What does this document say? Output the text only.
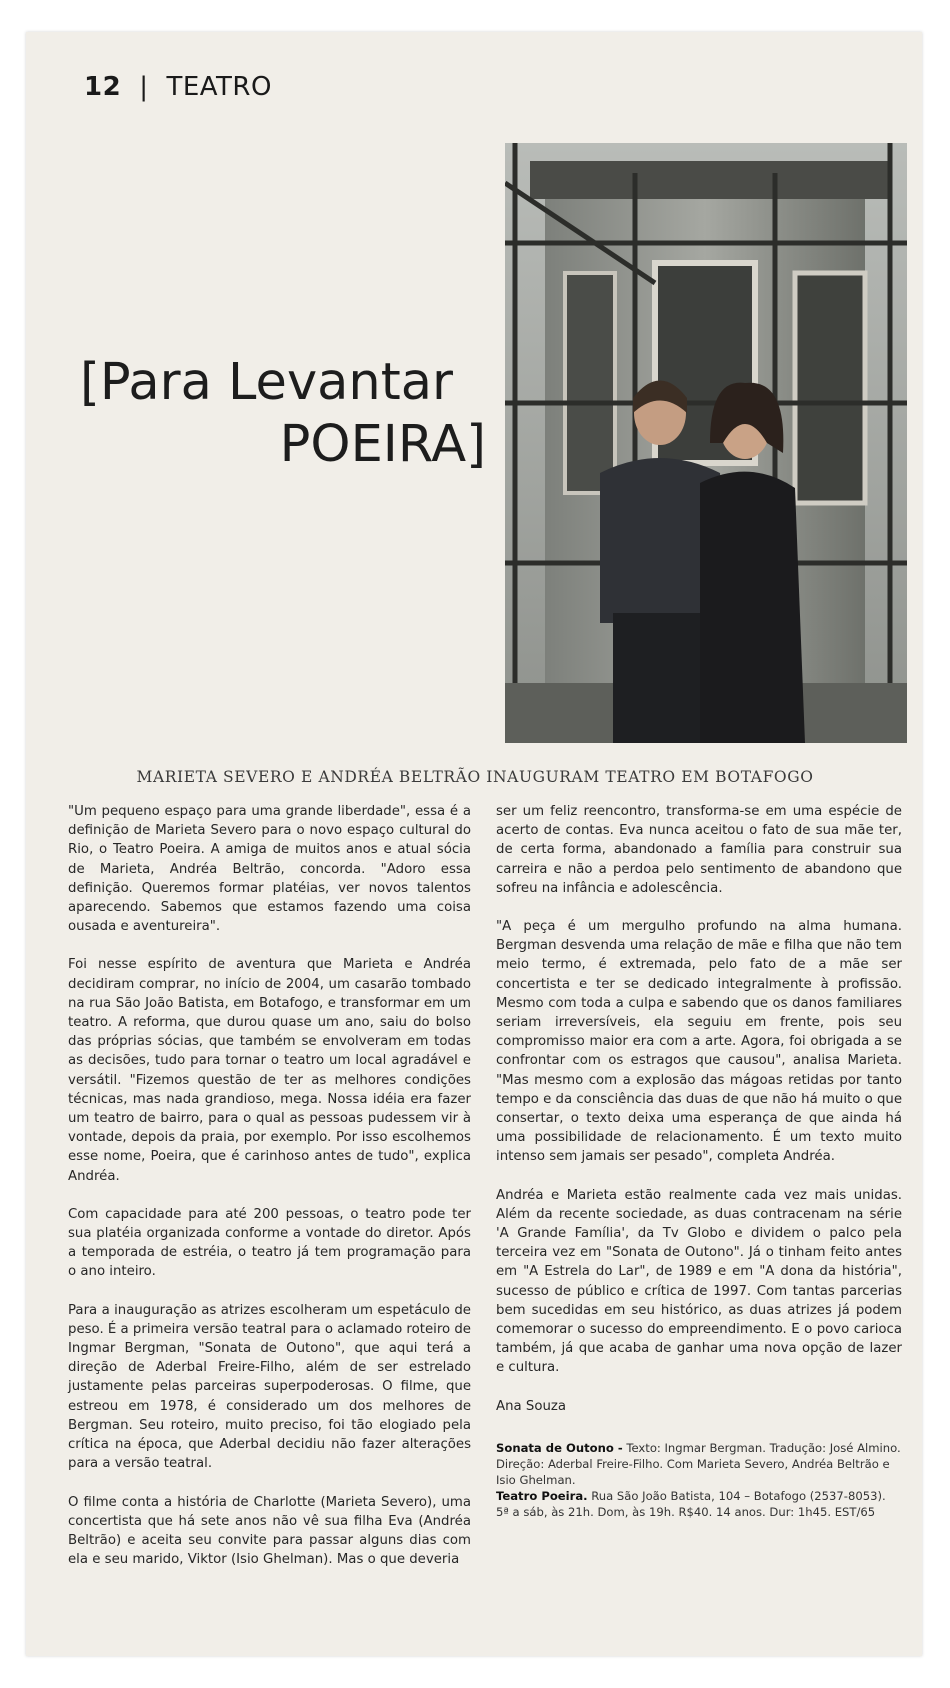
12 | TEATRO
[Para Levantar
POEIRA]
MARIETA SEVERO E ANDRÉA BELTRÃO INAUGURAM TEATRO EM BOTAFOGO

"Um pequeno espaço para uma grande liberdade", essa é a definição de Marieta Severo para o novo espaço cultural do Rio, o Teatro Poeira. A amiga de muitos anos e atual sócia de Marieta, Andréa Beltrão, concorda. "Adoro essa definição. Queremos formar platéias, ver novos talentos aparecendo. Sabemos que estamos fazendo uma coisa ousada e aventureira".

Foi nesse espírito de aventura que Marieta e Andréa decidiram comprar, no início de 2004, um casarão tombado na rua São João Batista, em Botafogo, e transformar em um teatro. A reforma, que durou quase um ano, saiu do bolso das próprias sócias, que também se envolveram em todas as decisões, tudo para tornar o teatro um local agradável e versátil. "Fizemos questão de ter as melhores condições técnicas, mas nada grandioso, mega. Nossa idéia era fazer um teatro de bairro, para o qual as pessoas pudessem vir à vontade, depois da praia, por exemplo. Por isso escolhemos esse nome, Poeira, que é carinhoso antes de tudo", explica Andréa.

Com capacidade para até 200 pessoas, o teatro pode ter sua platéia organizada conforme a vontade do diretor. Após a temporada de estréia, o teatro já tem programação para o ano inteiro.

Para a inauguração as atrizes escolheram um espetáculo de peso. É a primeira versão teatral para o aclamado roteiro de Ingmar Bergman, "Sonata de Outono", que aqui terá a direção de Aderbal Freire-Filho, além de ser estrelado justamente pelas parceiras superpoderosas. O filme, que estreou em 1978, é considerado um dos melhores de Bergman. Seu roteiro, muito preciso, foi tão elogiado pela crítica na época, que Aderbal decidiu não fazer alterações para a versão teatral.

O filme conta a história de Charlotte (Marieta Severo), uma concertista que há sete anos não vê sua filha Eva (Andréa Beltrão) e aceita seu convite para passar alguns dias com ela e seu marido, Viktor (Isio Ghelman). Mas o que deveria

ser um feliz reencontro, transforma-se em uma espécie de acerto de contas. Eva nunca aceitou o fato de sua mãe ter, de certa forma, abandonado a família para construir sua carreira e não a perdoa pelo sentimento de abandono que sofreu na infância e adolescência.

"A peça é um mergulho profundo na alma humana. Bergman desvenda uma relação de mãe e filha que não tem meio termo, é extremada, pelo fato de a mãe ser concertista e ter se dedicado integralmente à profissão. Mesmo com toda a culpa e sabendo que os danos familiares seriam irreversíveis, ela seguiu em frente, pois seu compromisso maior era com a arte. Agora, foi obrigada a se confrontar com os estragos que causou", analisa Marieta. "Mas mesmo com a explosão das mágoas retidas por tanto tempo e da consciência das duas de que não há muito o que consertar, o texto deixa uma esperança de que ainda há uma possibilidade de relacionamento. É um texto muito intenso sem jamais ser pesado", completa Andréa.

Andréa e Marieta estão realmente cada vez mais unidas. Além da recente sociedade, as duas contracenam na série 'A Grande Família', da Tv Globo e dividem o palco pela terceira vez em "Sonata de Outono". Já o tinham feito antes em "A Estrela do Lar", de 1989 e em "A dona da história", sucesso de público e crítica de 1997. Com tantas parcerias bem sucedidas em seu histórico, as duas atrizes já podem comemorar o sucesso do empreendimento. E o povo carioca também, já que acaba de ganhar uma nova opção de lazer e cultura.

Ana Souza

Sonata de Outono - Texto: Ingmar Bergman. Tradução: José Almino. Direção: Aderbal Freire-Filho. Com Marieta Severo, Andréa Beltrão e Isio Ghelman.

Teatro Poeira. Rua São João Batista, 104 – Botafogo (2537-8053). 5ª a sáb, às 21h. Dom, às 19h. R$40. 14 anos. Dur: 1h45. EST/65
